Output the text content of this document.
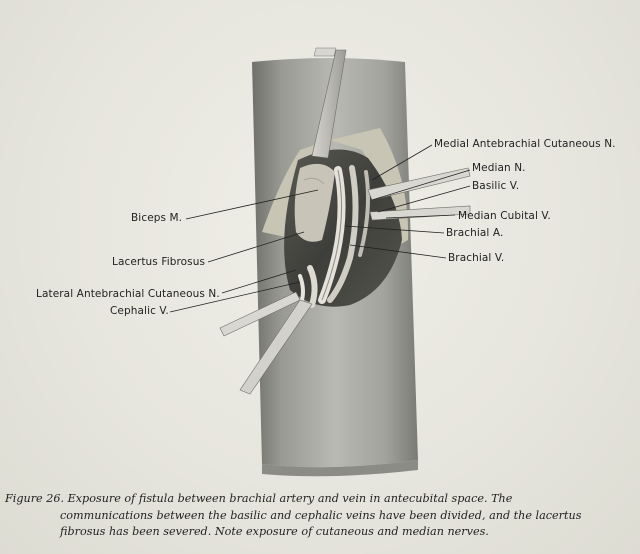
Medial Antebrachial Cutaneous N.
Median N.
Basilic V.
Median Cubital V.
Brachial A.
Brachial V.
Biceps M.
Lacertus Fibrosus
Lateral Antebrachial Cutaneous N.
Cephalic V.
Figure 26. Exposure of fistula between brachial artery and vein in antecubital space. The
communications between the basilic and cephalic veins have been divided, and the lacertus
fibrosus has been severed. Note exposure of cutaneous and median nerves.
